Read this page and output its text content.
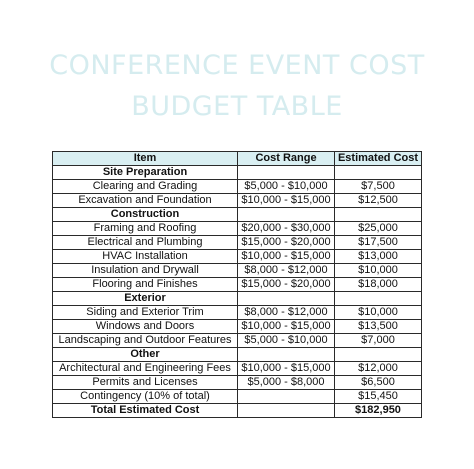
CONFERENCE EVENT COST
BUDGET TABLE
Item	Cost Range	Estimated Cost
Site Preparation		
Clearing and Grading	$5,000 - $10,000	$7,500
Excavation and Foundation	$10,000 - $15,000	$12,500
Construction		
Framing and Roofing	$20,000 - $30,000	$25,000
Electrical and Plumbing	$15,000 - $20,000	$17,500
HVAC Installation	$10,000 - $15,000	$13,000
Insulation and Drywall	$8,000 - $12,000	$10,000
Flooring and Finishes	$15,000 - $20,000	$18,000
Exterior		
Siding and Exterior Trim	$8,000 - $12,000	$10,000
Windows and Doors	$10,000 - $15,000	$13,500
Landscaping and Outdoor Features	$5,000 - $10,000	$7,000
Other		
Architectural and Engineering Fees	$10,000 - $15,000	$12,000
Permits and Licenses	$5,000 - $8,000	$6,500
Contingency (10% of total)		$15,450
Total Estimated Cost		$182,950
